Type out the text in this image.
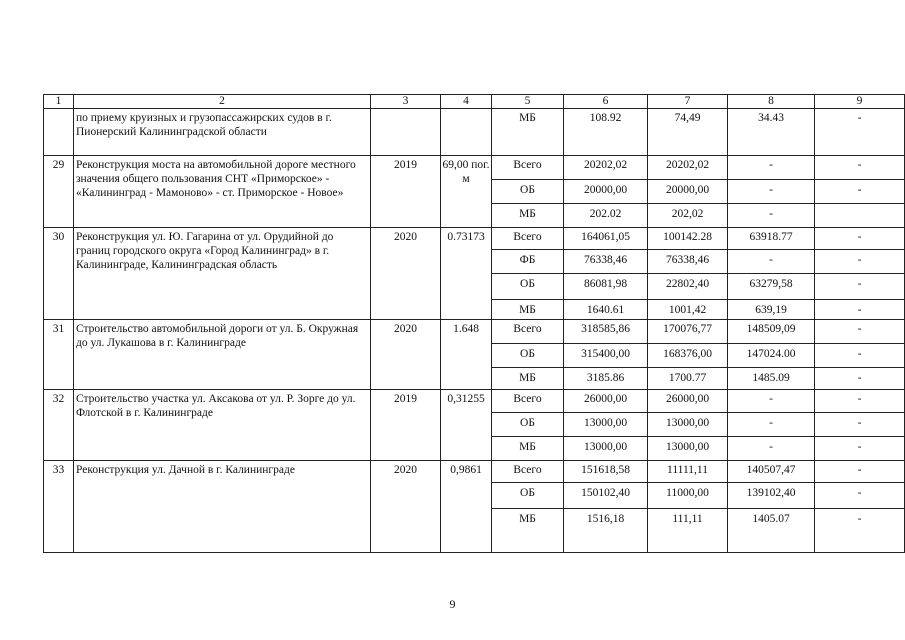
1	2	3	4	5	6	7	8	9
	по приему круизных и грузопассажирских судов в г. Пионерский Калининградской области			МБ	108.92	74,49	34.43	-
29	Реконструкция моста на автомобильной дороге местного значения общего пользования СНТ «Приморское» - «Калининград - Мамоново» - ст. Приморское - Новое»	2019	69,00 пог. м	Всего	20202,02	20202,02	-	-
				ОБ	20000,00	20000,00	-	-
				МБ	202.02	202,02	-	
30	Реконструкция ул. Ю. Гагарина от ул. Орудийной до границ городского округа «Город Калининград» в г. Калининграде, Калининградская область	2020	0.73173	Всего	164061,05	100142.28	63918.77	-
				ФБ	76338,46	76338,46	-	-
				ОБ	86081,98	22802,40	63279,58	-
				МБ	1640.61	1001,42	639,19	-
31	Строительство автомобильной дороги от ул. Б. Окружная до ул. Лукашова в г. Калининграде	2020	1.648	Всего	318585,86	170076,77	148509,09	-
				ОБ	315400,00	168376,00	147024.00	-
				МБ	3185.86	1700.77	1485.09	-
32	Строительство участка ул. Аксакова от ул. Р. Зорге до ул. Флотской в г. Калининграде	2019	0,31255	Всего	26000,00	26000,00	-	-
				ОБ	13000,00	13000,00	-	-
				МБ	13000,00	13000,00	-	-
33	Реконструкция ул. Дачной в г. Калининграде	2020	0,9861	Всего	151618,58	11111,11	140507,47	-
				ОБ	150102,40	11000,00	139102,40	-
				МБ	1516,18	111,11	1405.07	-
9
